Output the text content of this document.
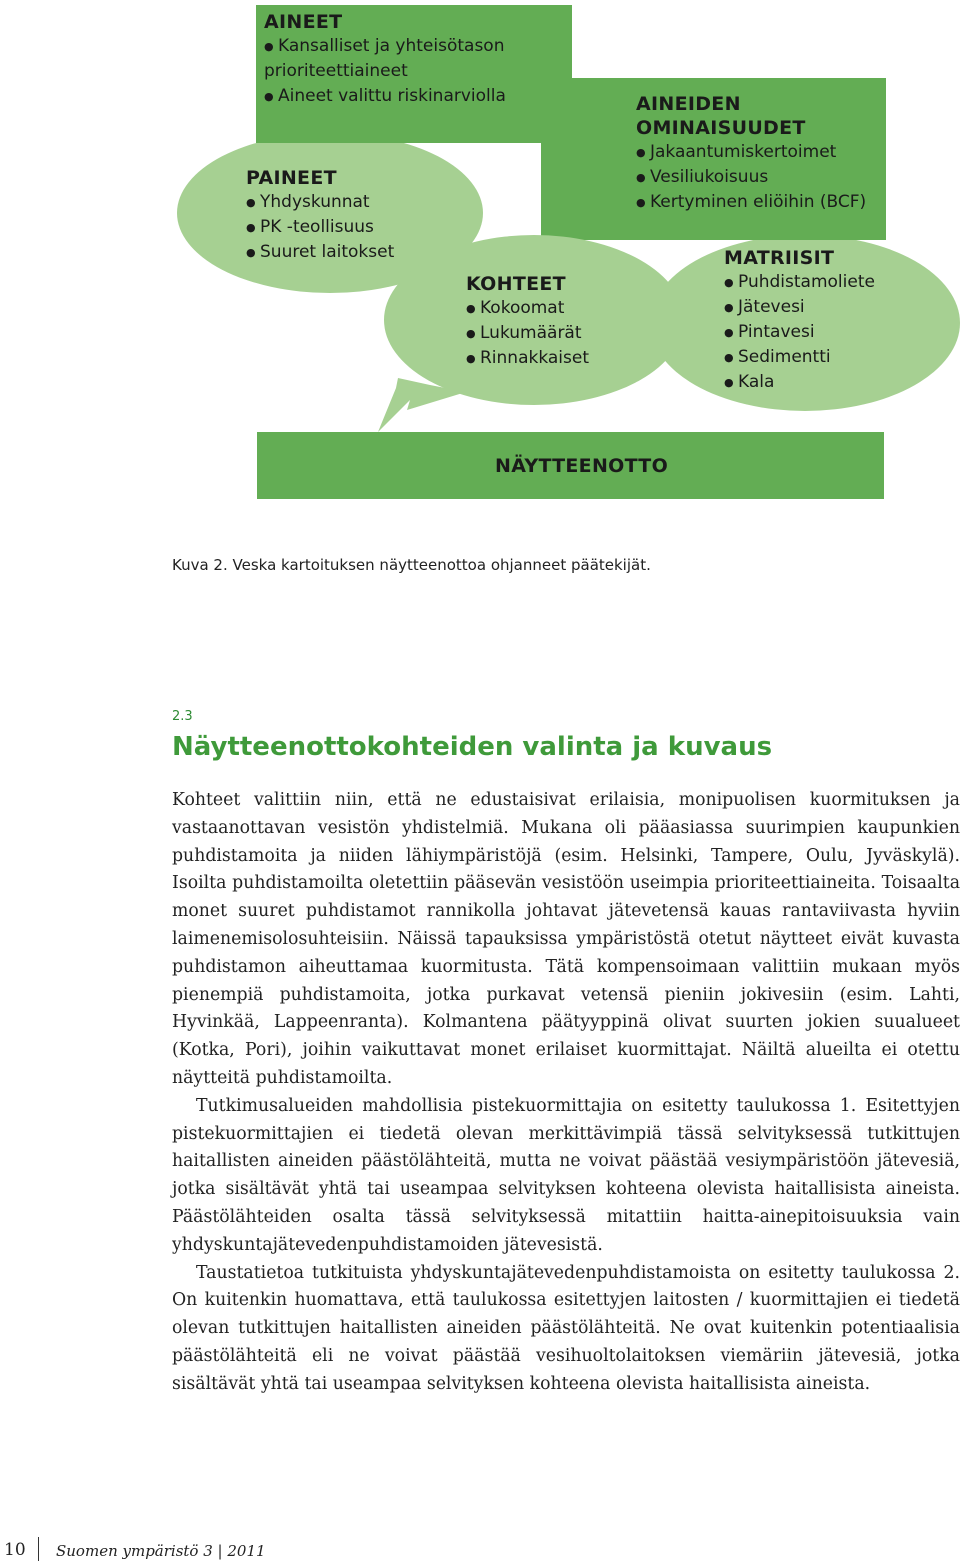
AINEET
● Kansalliset ja yhteisötason
prioriteettiaineet
● Aineet valittu riskinarviolla	AINEIDEN
OMINAISUUDET
● Jakaantumiskertoimet
● Vesiliukoisuus
● Kertyminen eliöihin (BCF)
PAINEET
● Yhdyskunnat
● PK -teollisuus
● Suuret laitokset
KOHTEET
● Kokoomat
● Lukumäärät
● Rinnakkaiset
MATRIISIT
● Puhdistamoliete
● Jätevesi
● Pintavesi
● Sedimentti
● Kala
NÄYTTEENOTTO
Kuva 2. Veska kartoituksen näytteenottoa ohjanneet päätekijät.
2.3
Näytteenottokohteiden valinta ja kuvaus

Kohteet valittiin niin, että ne edustaisivat erilaisia, monipuolisen kuormituksen ja vastaanottavan vesistön yhdistelmiä. Mukana oli pääasiassa suurimpien kaupunkien puhdistamoita ja niiden lähiympäristöjä (esim. Helsinki, Tampere, Oulu, Jyväskylä). Isoilta puhdistamoilta oletettiin pääsevän vesistöön useimpia prioriteettiaineita. Toisaalta monet suuret puhdistamot rannikolla johtavat jätevetensä kauas rantaviivasta hyviin laimenemisolosuhteisiin. Näissä tapauksissa ympäristöstä otetut näytteet eivät kuvasta puhdistamon aiheuttamaa kuormitusta. Tätä kompensoimaan valittiin mukaan myös pienempiä puhdistamoita, jotka purkavat vetensä pieniin jokivesiin (esim. Lahti, Hyvinkää, Lappeenranta). Kolmantena päätyyppinä olivat suurten jokien suualueet (Kotka, Pori), joihin vaikuttavat monet erilaiset kuormittajat. Näiltä alueilta ei otettu näytteitä puhdistamoilta.

Tutkimusalueiden mahdollisia pistekuormittajia on esitetty taulukossa 1. Esitettyjen pistekuormittajien ei tiedetä olevan merkittävimpiä tässä selvityksessä tutkittujen haitallisten aineiden päästölähteitä, mutta ne voivat päästää vesiympäristöön jätevesiä, jotka sisältävät yhtä tai useampaa selvityksen kohteena olevista haitallisista aineista. Päästölähteiden osalta tässä selvityksessä mitattiin haitta-ainepitoisuuksia vain yhdyskuntajätevedenpuhdistamoiden jätevesistä.

Taustatietoa tutkituista yhdyskuntajätevedenpuhdistamoista on esitetty taulukossa 2. On kuitenkin huomattava, että taulukossa esitettyjen laitosten / kuormittajien ei tiedetä olevan tutkittujen haitallisten aineiden päästölähteitä. Ne ovat kuitenkin potentiaalisia päästölähteitä eli ne voivat päästää vesihuoltolaitoksen viemäriin jätevesiä, jotka sisältävät yhtä tai useampaa selvityksen kohteena olevista haitallisista aineista.

10 Suomen ympäristö 3 | 2011
